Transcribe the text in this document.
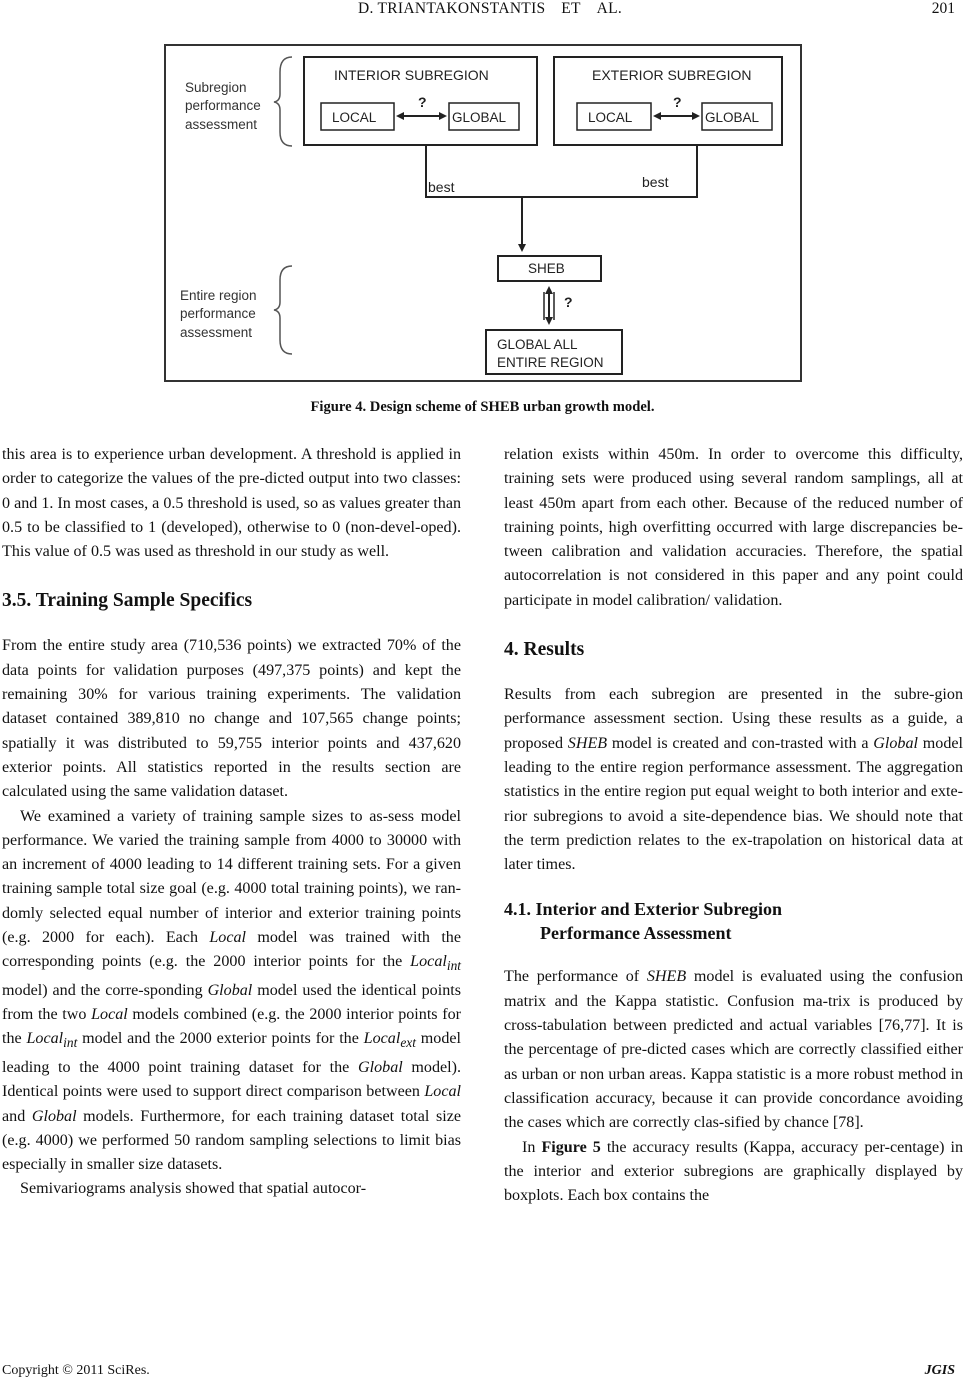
D. TRIANTAKONSTANTIS ET AL.	201
Subregion performance assessment
INTERIOR SUBREGION
LOCAL	GLOBAL
?
EXTERIOR SUBREGION
LOCAL	GLOBAL
?
best	best
SHEB
?
GLOBAL ALL ENTIRE REGION
Entire region performance assessment
Figure 4. Design scheme of SHEB urban growth model.

this area is to experience urban development. A threshold is applied in order to categorize the values of the pre-dicted output into two classes: 0 and 1. In most cases, a 0.5 threshold is used, so as values greater than 0.5 to be classified to 1 (developed), otherwise to 0 (non-devel-oped). This value of 0.5 was used as threshold in our study as well.

3.5. Training Sample Specifics

From the entire study area (710,536 points) we extracted 70% of the data points for validation purposes (497,375 points) and kept the remaining 30% for various training experiments. The validation dataset contained 389,810 no change and 107,565 change points; spatially it was distributed to 59,755 interior points and 437,620 exterior points. All statistics reported in the results section are calculated using the same validation dataset.

We examined a variety of training sample sizes to as-sess model performance. We varied the training sample from 4000 to 30000 with an increment of 4000 leading to 14 different training sets. For a given training sample total size goal (e.g. 4000 total training points), we ran-domly selected equal number of interior and exterior training points (e.g. 2000 for each). Each Local model was trained with the corresponding points (e.g. the 2000 interior points for the Local$_{int}$ model) and the corre-sponding Global model used the identical points from the two Local models combined (e.g. the 2000 interior points for the Local$_{int}$ model and the 2000 exterior points for the Local$_{ext}$ model leading to the 4000 point training dataset for the Global model). Identical points were used to support direct comparison between Local and Global models. Furthermore, for each training dataset total size (e.g. 4000) we performed 50 random sampling selections to limit bias especially in smaller size datasets.

Semivariograms analysis showed that spatial autocor-

relation exists within 450m. In order to overcome this difficulty, training sets were produced using several random samplings, all at least 450m apart from each other. Because of the reduced number of training points, high overfitting occurred with large discrepancies be-tween calibration and validation accuracies. Therefore, the spatial autocorrelation is not considered in this paper and any point could participate in model calibration/ validation.

4. Results

Results from each subregion are presented in the subre-gion performance assessment section. Using these results as a guide, a proposed SHEB model is created and con-trasted with a Global model leading to the entire region performance assessment. The aggregation statistics in the entire region put equal weight to both interior and exte-rior subregions to avoid a site-dependence bias. We should note that the term prediction relates to the ex-trapolation on historical data at later times.

4.1. Interior and Exterior Subregion
Performance Assessment

The performance of SHEB model is evaluated using the confusion matrix and the Kappa statistic. Confusion ma-trix is produced by cross-tabulation between predicted and actual variables [76,77]. It is the percentage of pre-dicted cases which are correctly classified either as urban or non urban areas. Kappa statistic is a more robust method in classification accuracy, because it can provide concordance avoiding the cases which are correctly clas-sified by chance [78].

In Figure 5 the accuracy results (Kappa, accuracy per-centage) in the interior and exterior subregions are graphically displayed by boxplots. Each box contains the

Copyright © 2011 SciRes.	JGIS
